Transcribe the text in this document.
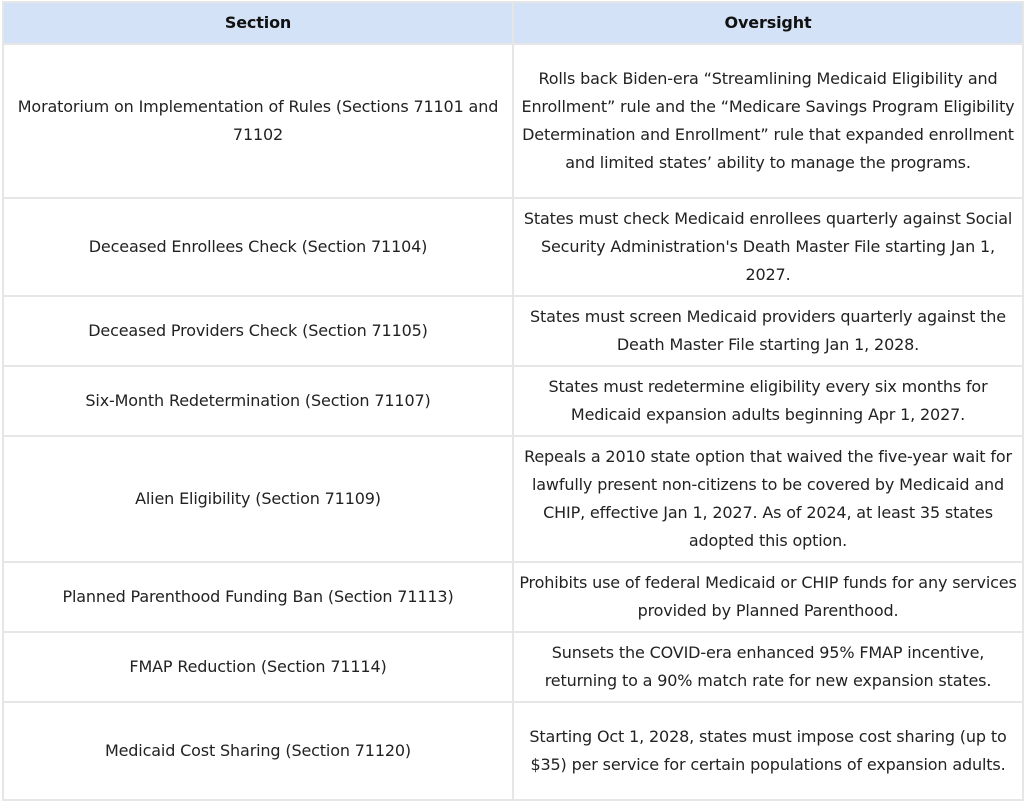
Section	Oversight
Moratorium on Implementation of Rules (Sections 71101 and 71102	Rolls back Biden-era “Streamlining Medicaid Eligibility and Enrollment” rule and the “Medicare Savings Program Eligibility Determination and Enrollment” rule that expanded enrollment and limited states’ ability to manage the programs.
Deceased Enrollees Check (Section 71104)	States must check Medicaid enrollees quarterly against Social Security Administration's Death Master File starting Jan 1, 2027.
Deceased Providers Check (Section 71105)	States must screen Medicaid providers quarterly against the Death Master File starting Jan 1, 2028.
Six-Month Redetermination (Section 71107)	States must redetermine eligibility every six months for Medicaid expansion adults beginning Apr 1, 2027.
Alien Eligibility (Section 71109)	Repeals a 2010 state option that waived the five-year wait for lawfully present non-citizens to be covered by Medicaid and CHIP, effective Jan 1, 2027. As of 2024, at least 35 states adopted this option.
Planned Parenthood Funding Ban (Section 71113)	Prohibits use of federal Medicaid or CHIP funds for any services provided by Planned Parenthood.
FMAP Reduction (Section 71114)	Sunsets the COVID-era enhanced 95% FMAP incentive, returning to a 90% match rate for new expansion states.
Medicaid Cost Sharing (Section 71120)	Starting Oct 1, 2028, states must impose cost sharing (up to $35) per service for certain populations of expansion adults.
